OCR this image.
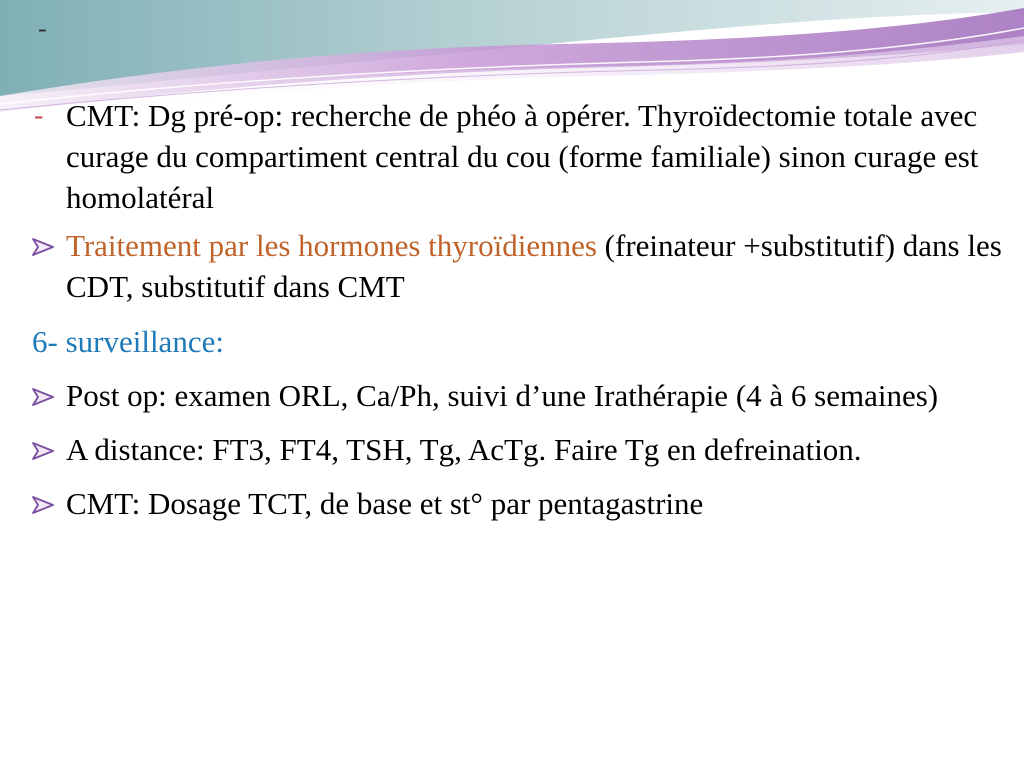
-
- CMT: Dg pré-op: recherche de phéo à opérer. Thyroïdectomie totale avec curage du compartiment central du cou (forme familiale) sinon curage est homolatéral
Traitement par les hormones thyroïdiennes (freinateur +substitutif) dans les CDT, substitutif dans CMT
6- surveillance:
Post op: examen ORL, Ca/Ph, suivi d’une Irathérapie (4 à 6 semaines)
A distance: FT3, FT4, TSH, Tg, AcTg. Faire Tg en defreination.
CMT: Dosage TCT, de base et st° par pentagastrine
